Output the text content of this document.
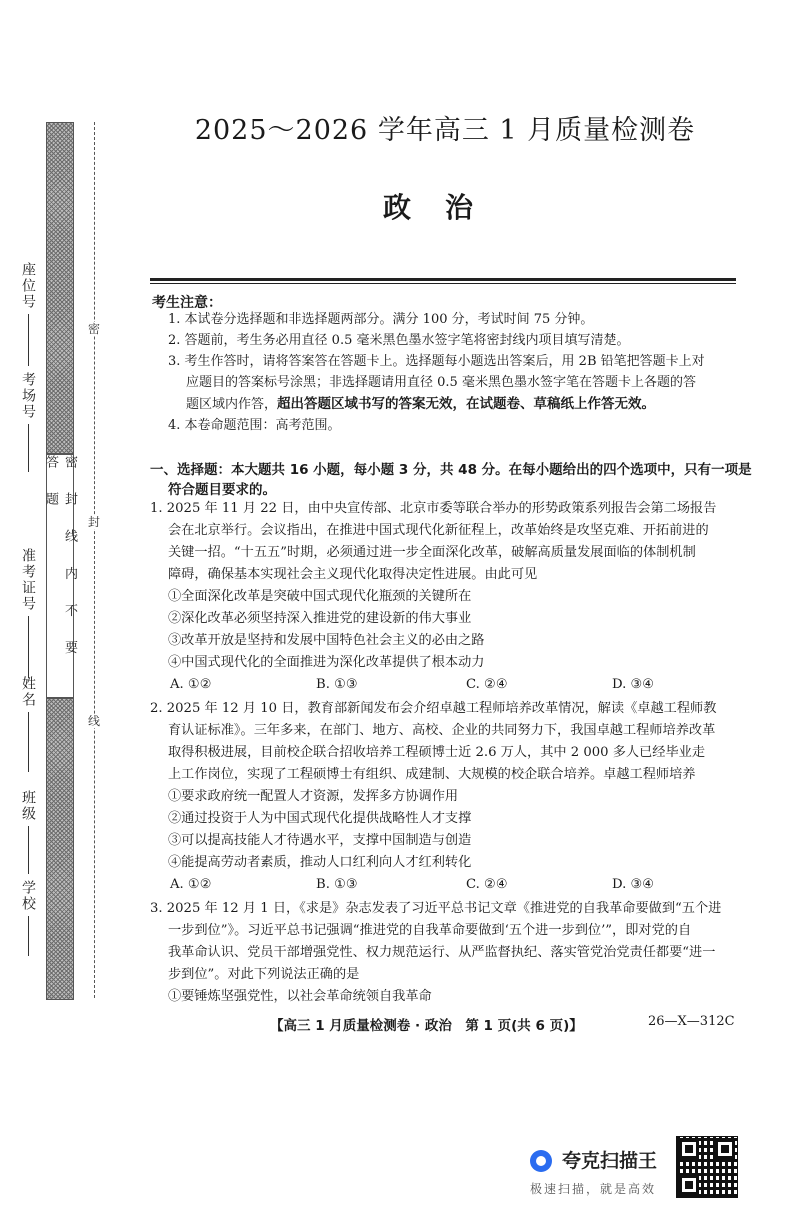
密 封 线 内 不 要 答 题
密
封
线
座位号
考场号
准考证号
姓名
班级
学校
2025～2026 学年高三 1 月质量检测卷
政治
考生注意：
1. 本试卷分选择题和非选择题两部分。满分 100 分，考试时间 75 分钟。
2. 答题前，考生务必用直径 0.5 毫米黑色墨水签字笔将密封线内项目填写清楚。
3. 考生作答时，请将答案答在答题卡上。选择题每小题选出答案后，用 2B 铅笔把答题卡上对
应题目的答案标号涂黑；非选择题请用直径 0.5 毫米黑色墨水签字笔在答题卡上各题的答
题区域内作答，超出答题区域书写的答案无效，在试题卷、草稿纸上作答无效。
4. 本卷命题范围：高考范围。
一、选择题：本大题共 16 小题，每小题 3 分，共 48 分。在每小题给出的四个选项中，只有一项是
符合题目要求的。
1. 2025 年 11 月 22 日，由中央宣传部、北京市委等联合举办的形势政策系列报告会第二场报告
会在北京举行。会议指出，在推进中国式现代化新征程上，改革始终是攻坚克难、开拓前进的
关键一招。“十五五”时期，必须通过进一步全面深化改革，破解高质量发展面临的体制机制
障碍，确保基本实现社会主义现代化取得决定性进展。由此可见
①全面深化改革是突破中国式现代化瓶颈的关键所在
②深化改革必须坚持深入推进党的建设新的伟大事业
③改革开放是坚持和发展中国特色社会主义的必由之路
④中国式现代化的全面推进为深化改革提供了根本动力
A. ①②	B. ①③	C. ②④	D. ③④
2. 2025 年 12 月 10 日，教育部新闻发布会介绍卓越工程师培养改革情况，解读《卓越工程师教
育认证标准》。三年多来，在部门、地方、高校、企业的共同努力下，我国卓越工程师培养改革
取得积极进展，目前校企联合招收培养工程硕博士近 2.6 万人，其中 2 000 多人已经毕业走
上工作岗位，实现了工程硕博士有组织、成建制、大规模的校企联合培养。卓越工程师培养
①要求政府统一配置人才资源，发挥多方协调作用
②通过投资于人为中国式现代化提供战略性人才支撑
③可以提高技能人才待遇水平，支撑中国制造与创造
④能提高劳动者素质，推动人口红利向人才红利转化
A. ①②	B. ①③	C. ②④	D. ③④
3. 2025 年 12 月 1 日，《求是》杂志发表了习近平总书记文章《推进党的自我革命要做到“五个进
一步到位”》。习近平总书记强调“推进党的自我革命要做到‘五个进一步到位’”，即对党的自
我革命认识、党员干部增强党性、权力规范运行、从严监督执纪、落实管党治党责任都要“进一
步到位”。对此下列说法正确的是
①要锤炼坚强党性，以社会革命统领自我革命
【高三 1 月质量检测卷 · 政治　第 1 页(共 6 页)】	26—X—312C
夸克扫描王
极速扫描，就是高效
